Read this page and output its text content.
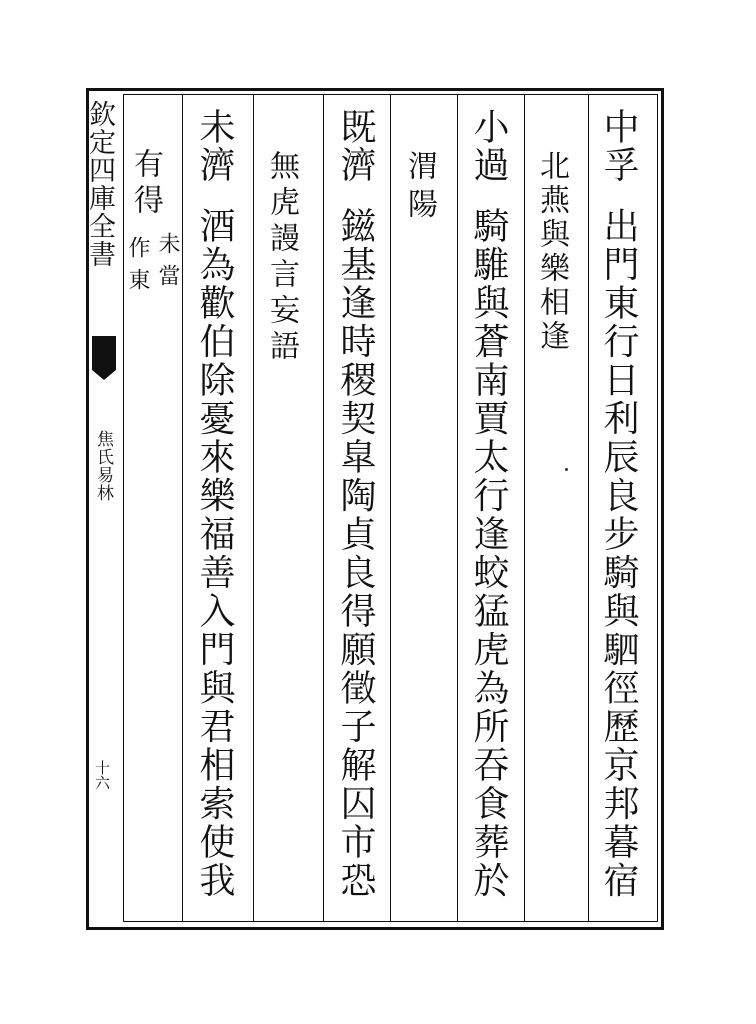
欽定四庫全書
焦氏易林
十六
中孚
出門東行日利辰良步騎與駟徑歷京邦暮宿
北燕與樂相逢
小過
騎騅與蒼南賈太行逢蛟猛虎為所吞食葬於
渭陽
既濟
鎡基逢時稷契皐陶貞良得願徵子解囚市恐
無虎謾言妄語
未濟
酒為歡伯除憂來樂福善入門與君相索使我
有得
未當
作東
